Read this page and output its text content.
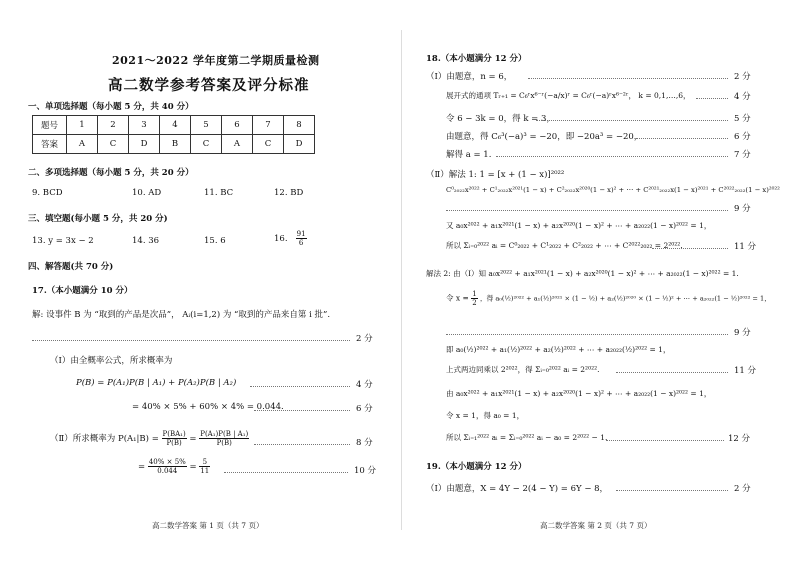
2021～2022 学年度第二学期质量检测
高二数学参考答案及评分标准
一、单项选择题（每小题 5 分，共 40 分）
题号	1	2	3	4	5	6	7	8
答案	A	C	D	B	C	A	C	D
二、多项选择题（每小题 5 分，共 20 分）
9. BCD	10. AD	11. BC	12. BD
三、填空题(每小题 5 分，共 20 分)
13. y = 3x − 2	14. 36	15. 6	16. $\frac{91}{6}$
四、解答题(共 70 分)
17.（本小题满分 10 分）
解: 设事件 B 为 “取到的产品是次品”， Aᵢ(i=1,2) 为 “取到的产品来自第 i 批”.
2 分
（Ⅰ）由全概率公式，所求概率为
P(B) = P(A₁)P(B | A₁) + P(A₂)P(B | A₂)	4 分
= 40% × 5% + 60% × 4% = 0.044.	6 分
（Ⅱ）所求概率为 $P(A_1|B) = \frac{\text{P(BA₁)}}{P(B)} = \frac{\text{P(A₁)P(B | A₁)}}{P(B)}$	8 分
= $\frac{40\% \times 5\%}{0.044} = \frac{5}{11}$	10 分
高二数学答案 第 1 页（共 7 页）
18.（本小题满分 12 分）
（Ⅰ）由题意，n = 6，	2 分
展开式的通项 Tᵣ₊₁ = C₆ʳx⁶⁻ʳ(−a/x)ʳ = C₆ʳ(−a)ʳx⁶⁻²ʳ， k = 0,1,…,6，	4 分
令 6 − 3k = 0，得 k = 3，	5 分
由题意，得 C₆³(−a)³ = −20，即 −20a³ = −20，	6 分
解得 a = 1.	7 分
（Ⅱ）解法 1: 1 = [x + (1 − x)]²⁰²²
C⁰₂₀₂₂x²⁰²² + C¹₂₀₂₂x²⁰²¹(1 − x) + C²₂₀₂₂x²⁰²⁰(1 − x)² + ⋯ + C²⁰²¹₂₀₂₂x(1 − x)²⁰²¹ + C²⁰²²₂₀₂₂(1 − x)²⁰²²
9 分
又 a₀x²⁰²² + a₁x²⁰²¹(1 − x) + a₂x²⁰²⁰(1 − x)² + ⋯ + a₂₀₂₂(1 − x)²⁰²² = 1，
所以 Σᵢ₌₀²⁰²² aᵢ = C⁰₂₀₂₂ + C¹₂₀₂₂ + C²₂₀₂₂ + ⋯ + C²⁰²²₂₀₂₂ = 2²⁰²².	11 分
解法 2: 由（Ⅰ）知 a₀x²⁰²² + a₁x²⁰²¹(1 − x) + a₂x²⁰²⁰(1 − x)² + ⋯ + a₂₀₂₂(1 − x)²⁰²² = 1.
令 $x = \frac{1}{2}$ ，得 a₀(½)²⁰²² + a₁(½)²⁰²¹ × (1 − ½) + a₂(½)²⁰²⁰ × (1 − ½)² + ⋯ + a₂₀₂₂(1 − ½)²⁰²² = 1，
9 分
即 a₀(½)²⁰²² + a₁(½)²⁰²² + a₂(½)²⁰²² + ⋯ + a₂₀₂₂(½)²⁰²² = 1，
上式两边同乘以 2²⁰²²，得 Σᵢ₌₀²⁰²² aᵢ = 2²⁰²².	11 分
由 a₀x²⁰²² + a₁x²⁰²¹(1 − x) + a₂x²⁰²⁰(1 − x)² + ⋯ + a₂₀₂₂(1 − x)²⁰²² = 1，
令 x = 1，得 a₀ = 1，
所以 Σᵢ₌₁²⁰²² aᵢ = Σᵢ₌₀²⁰²² aᵢ − a₀ = 2²⁰²² − 1.	12 分
19.（本小题满分 12 分）
（Ⅰ）由题意，X = 4Y − 2(4 − Y) = 6Y − 8，	2 分
高二数学答案 第 2 页（共 7 页）
